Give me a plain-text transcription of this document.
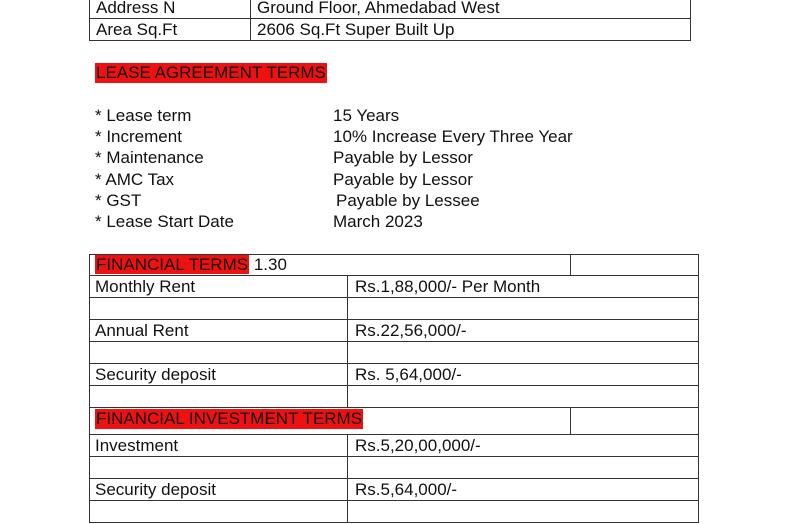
Address N	Ground Floor, Ahmedabad West
Area Sq.Ft	2606 Sq.Ft Super Built Up
LEASE AGREEMENT TERMS
* Lease term	15 Years
* Increment	10% Increase Every Three Year
* Maintenance	Payable by Lessor
* AMC Tax	Payable by Lessor
* GST	Payable by Lessee
* Lease Start Date	March 2023
FINANCIAL TERMS 1.30
Monthly Rent	Rs.1,88,000/- Per Month
Annual Rent	Rs.22,56,000/-
Security deposit	Rs. 5,64,000/-
FINANCIAL INVESTMENT TERMS
Investment	Rs.5,20,00,000/-
Security deposit	Rs.5,64,000/-
